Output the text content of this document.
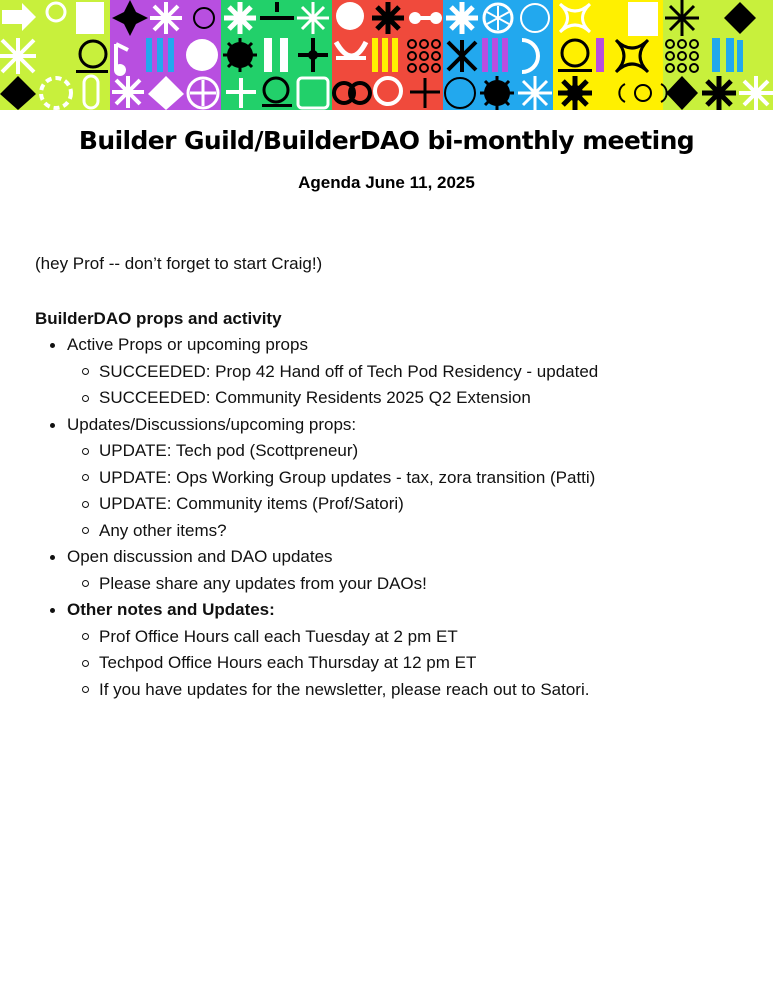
Builder Guild/BuilderDAO bi-monthly meeting
Agenda June 11, 2025

(hey Prof -- don’t forget to start Craig!)

BuilderDAO props and activity

Active Props or upcoming props
SUCCEEDED: Prop 42 Hand off of Tech Pod Residency - updated
SUCCEEDED: Community Residents 2025 Q2 Extension
Updates/Discussions/upcoming props:
UPDATE: Tech pod (Scottpreneur)
UPDATE: Ops Working Group updates - tax, zora transition (Patti)
UPDATE: Community items (Prof/Satori)
Any other items?
Open discussion and DAO updates
Please share any updates from your DAOs!
Other notes and Updates:
Prof Office Hours call each Tuesday at 2 pm ET
Techpod Office Hours each Thursday at 12 pm ET
If you have updates for the newsletter, please reach out to Satori.
